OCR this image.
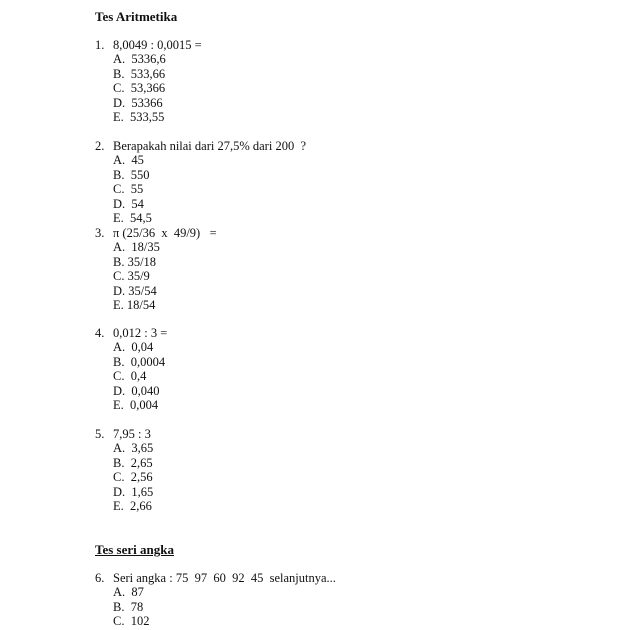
Tes Aritmetika
1. 8,0049 : 0,0015 =
A.  5336,6
B.  533,66
C.  53,366
D.  53366
E.  533,55
2. Berapakah nilai dari 27,5% dari 200  ?
A.  45
B.  550
C.  55
D.  54
E.  54,5
3. π (25/36  x  49/9)   =
A.  18/35
B. 35/18
C. 35/9
D. 35/54
E. 18/54
4. 0,012 : 3 =
A.  0,04
B.  0,0004
C.  0,4
D.  0,040
E.  0,004
5. 7,95 : 3
A.  3,65
B.  2,65
C.  2,56
D.  1,65
E.  2,66
Tes seri angka
6. Seri angka : 75  97  60  92  45  selanjutnya...
A.  87
B.  78
C.  102
